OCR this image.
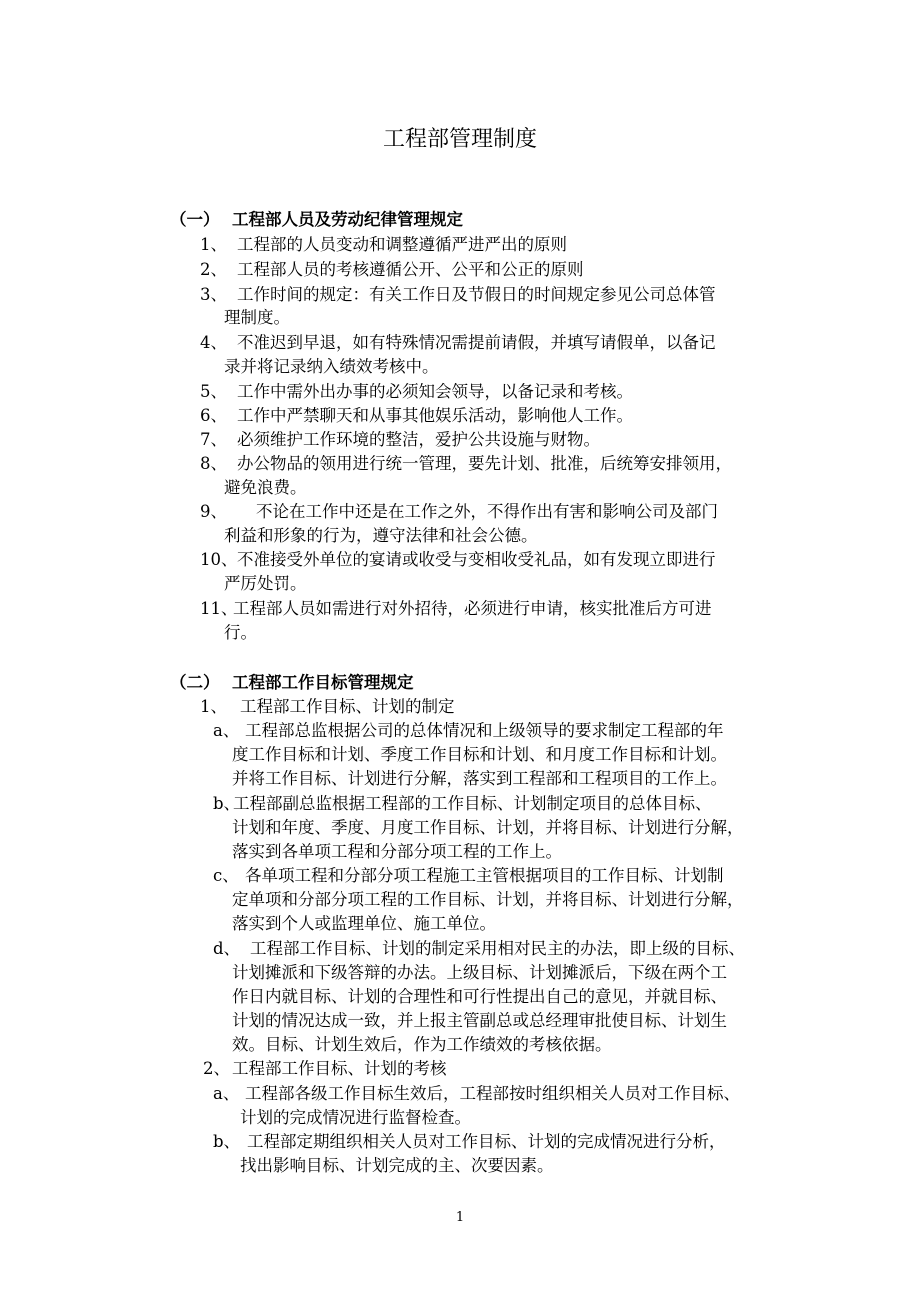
工程部管理制度
（一） 工程部人员及劳动纪律管理规定
1、 工程部的人员变动和调整遵循严进严出的原则
2、 工程部人员的考核遵循公开、公平和公正的原则
3、 工作时间的规定：有关工作日及节假日的时间规定参见公司总体管
理制度。
4、 不准迟到早退，如有特殊情况需提前请假，并填写请假单，以备记
录并将记录纳入绩效考核中。
5、 工作中需外出办事的必须知会领导，以备记录和考核。
6、 工作中严禁聊天和从事其他娱乐活动，影响他人工作。
7、 必须维护工作环境的整洁，爱护公共设施与财物。
8、 办公物品的领用进行统一管理，要先计划、批准，后统筹安排领用，
避免浪费。
9、 不论在工作中还是在工作之外，不得作出有害和影响公司及部门
利益和形象的行为，遵守法律和社会公德。
10、 不准接受外单位的宴请或收受与变相收受礼品，如有发现立即进行
严厉处罚。
11、
工程部人员如需进行对外招待，必须进行申请，核实批准后方可进
行。
（二） 工程部工作目标管理规定
1、 工程部工作目标、计划的制定
a、 工程部总监根据公司的总体情况和上级领导的要求制定工程部的年
度工作目标和计划、季度工作目标和计划、和月度工作目标和计划。
并将工作目标、计划进行分解，落实到工程部和工程项目的工作上。
b、
工程部副总监根据工程部的工作目标、计划制定项目的总体目标、
计划和年度、季度、月度工作目标、计划，并将目标、计划进行分解，
落实到各单项工程和分部分项工程的工作上。
c、 各单项工程和分部分项工程施工主管根据项目的工作目标、计划制
定单项和分部分项工程的工作目标、计划，并将目标、计划进行分解，
落实到个人或监理单位、施工单位。
d、 工程部工作目标、计划的制定采用相对民主的办法，即上级的目标、
计划摊派和下级答辩的办法。上级目标、计划摊派后，下级在两个工
作日内就目标、计划的合理性和可行性提出自己的意见，并就目标、
计划的情况达成一致，并上报主管副总或总经理审批使目标、计划生
效。目标、计划生效后，作为工作绩效的考核依据。
2、 工程部工作目标、计划的考核
a、 工程部各级工作目标生效后，工程部按时组织相关人员对工作目标、
计划的完成情况进行监督检查。
b、 工程部定期组织相关人员对工作目标、计划的完成情况进行分析，
找出影响目标、计划完成的主、次要因素。
1
